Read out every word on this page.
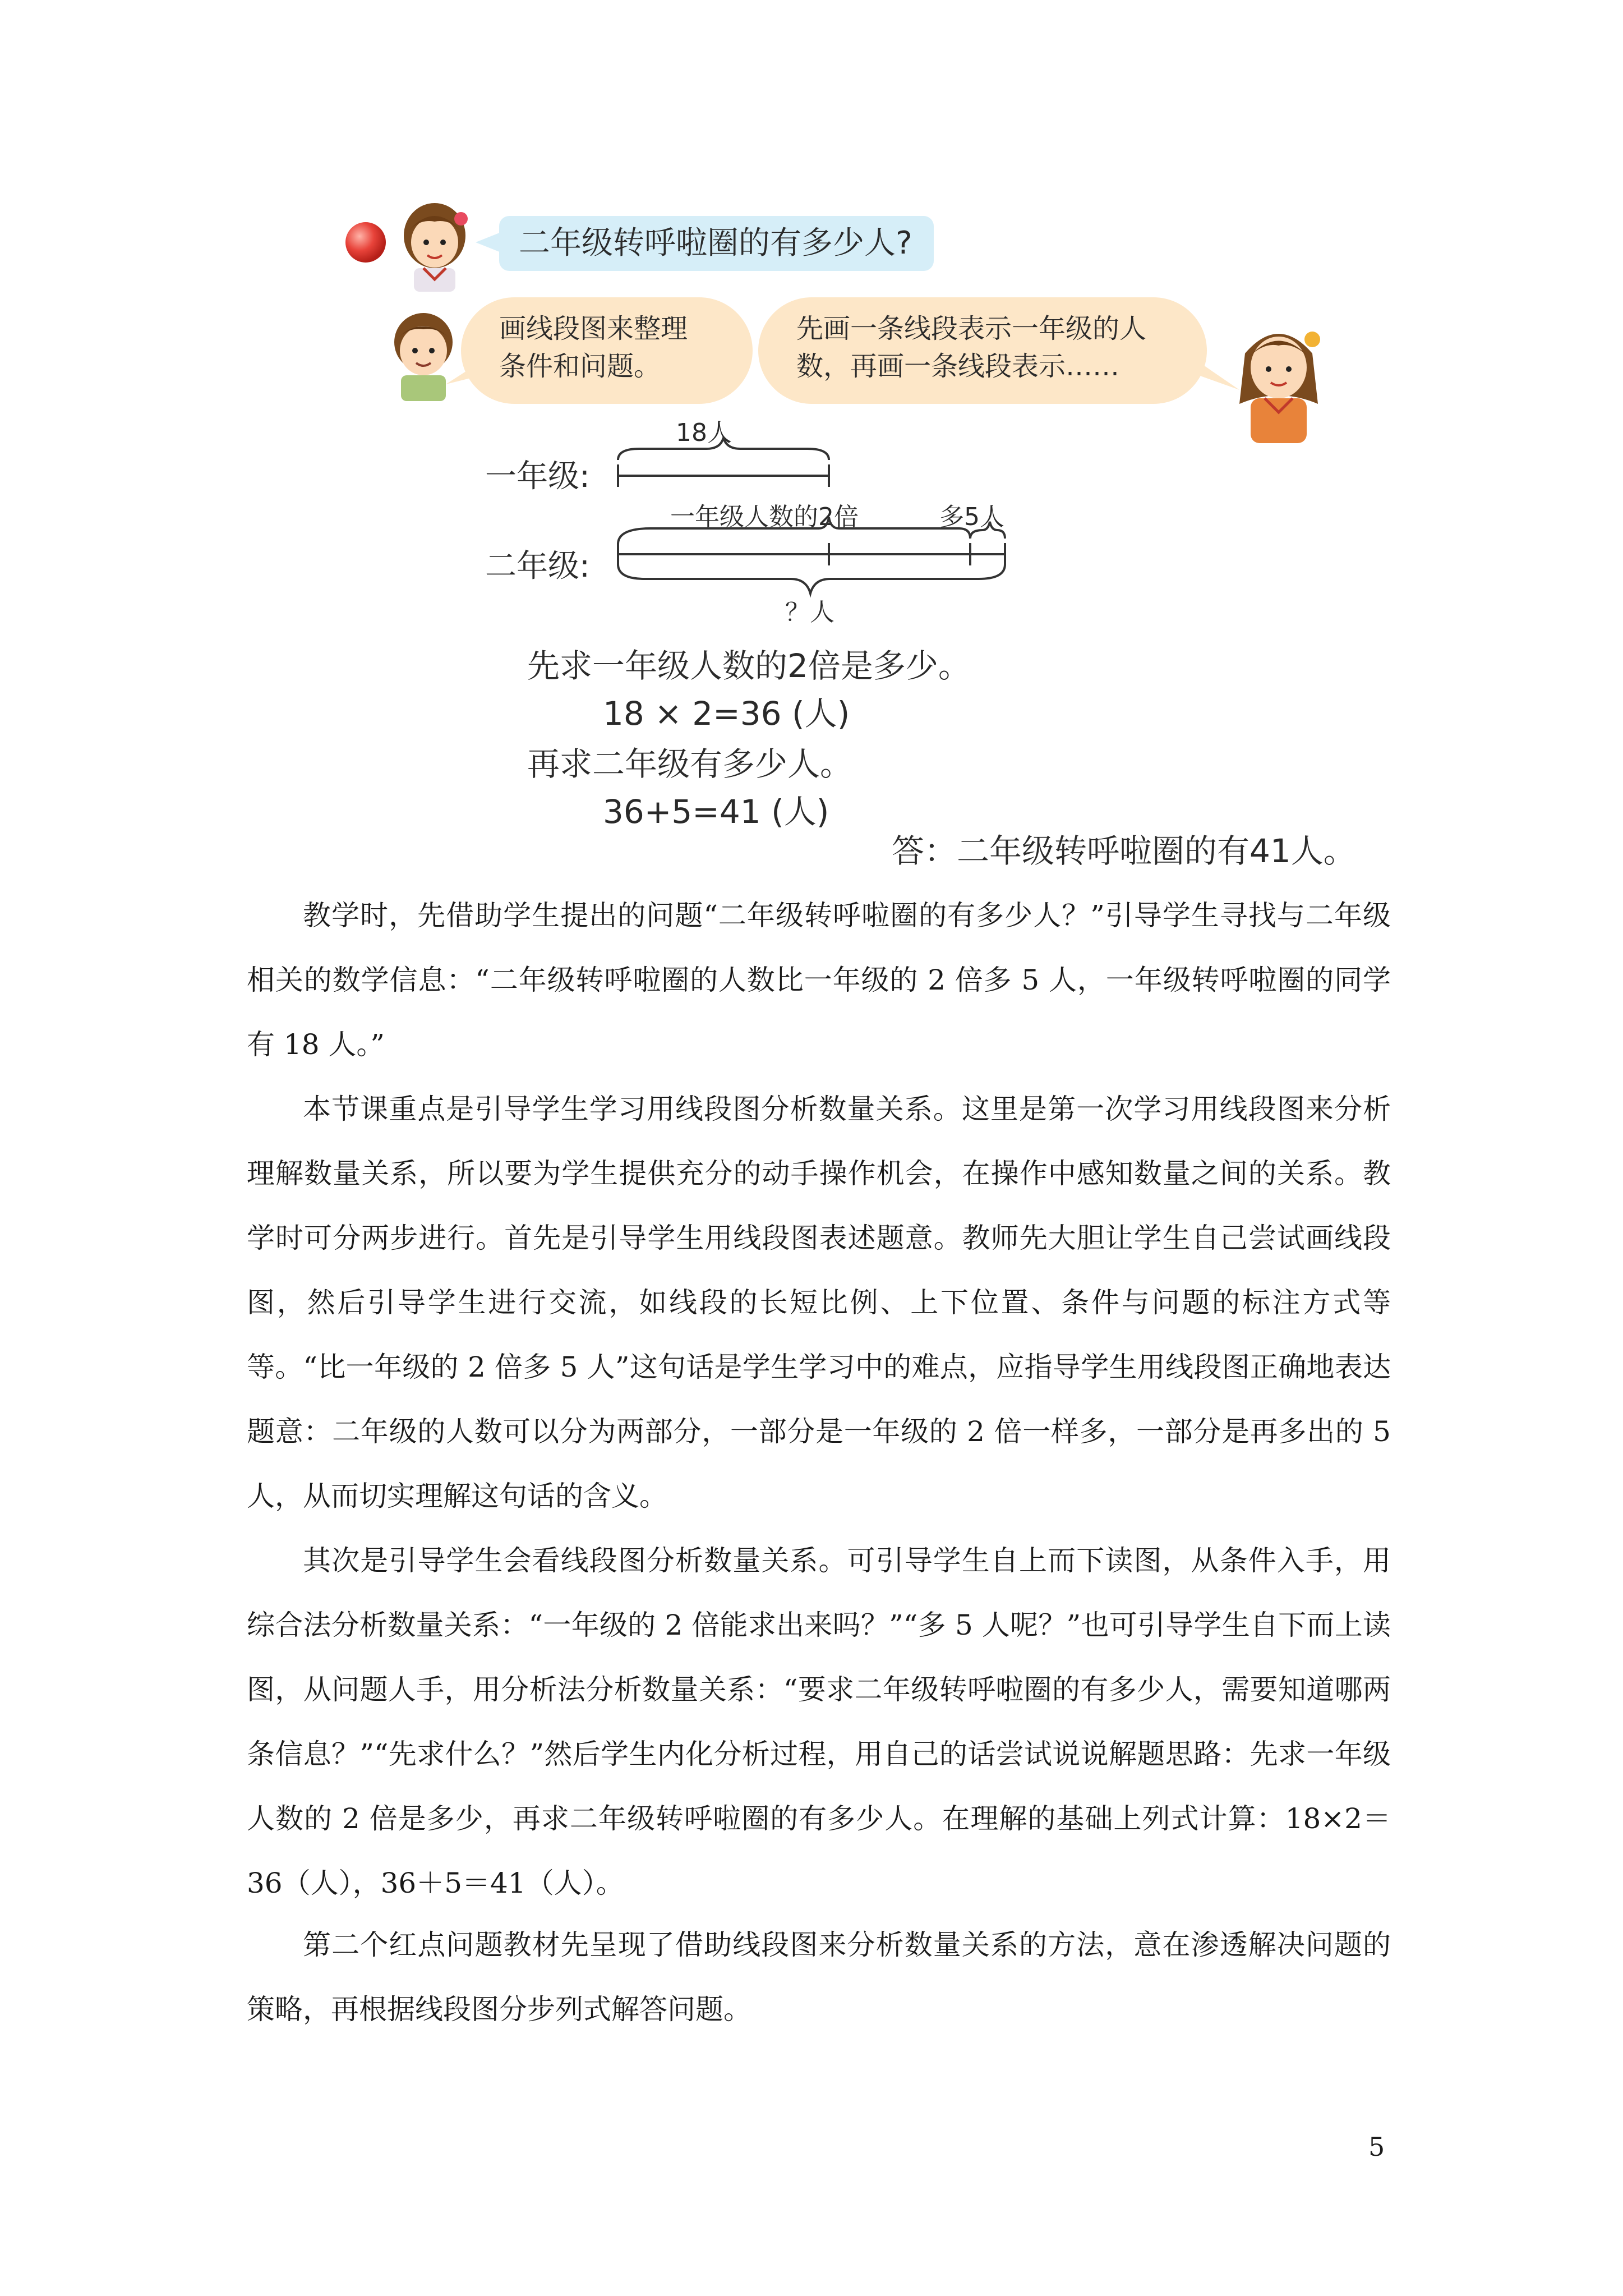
二年级转呼啦圈的有多少人?
画线段图来整理
条件和问题。
先画一条线段表示一年级的人
数，再画一条线段表示……
一年级:
18人
一年级人数的2倍	多5人
二年级:
？人
先求一年级人数的2倍是多少。
18 × 2=36 (人)
再求二年级有多少人。
36+5=41 (人)
答：二年级转呼啦圈的有41人。

教学时，先借助学生提出的问题“二年级转呼啦圈的有多少人？”引导学生寻找与二年级相关的数学信息：“二年级转呼啦圈的人数比一年级的 2 倍多 5 人，一年级转呼啦圈的同学有 18 人。”

本节课重点是引导学生学习用线段图分析数量关系。这里是第一次学习用线段图来分析理解数量关系，所以要为学生提供充分的动手操作机会，在操作中感知数量之间的关系。教学时可分两步进行。首先是引导学生用线段图表述题意。教师先大胆让学生自己尝试画线段图，然后引导学生进行交流，如线段的长短比例、上下位置、条件与问题的标注方式等等。“比一年级的 2 倍多 5 人”这句话是学生学习中的难点，应指导学生用线段图正确地表达题意：二年级的人数可以分为两部分，一部分是一年级的 2 倍一样多，一部分是再多出的 5 人，从而切实理解这句话的含义。

其次是引导学生会看线段图分析数量关系。可引导学生自上而下读图，从条件入手，用综合法分析数量关系：“一年级的 2 倍能求出来吗？”“多 5 人呢？”也可引导学生自下而上读图，从问题人手，用分析法分析数量关系：“要求二年级转呼啦圈的有多少人，需要知道哪两条信息？”“先求什么？”然后学生内化分析过程，用自己的话尝试说说解题思路：先求一年级人数的 2 倍是多少，再求二年级转呼啦圈的有多少人。在理解的基础上列式计算：18×2＝36（人），36＋5＝41（人）。

第二个红点问题教材先呈现了借助线段图来分析数量关系的方法，意在渗透解决问题的策略，再根据线段图分步列式解答问题。

5
